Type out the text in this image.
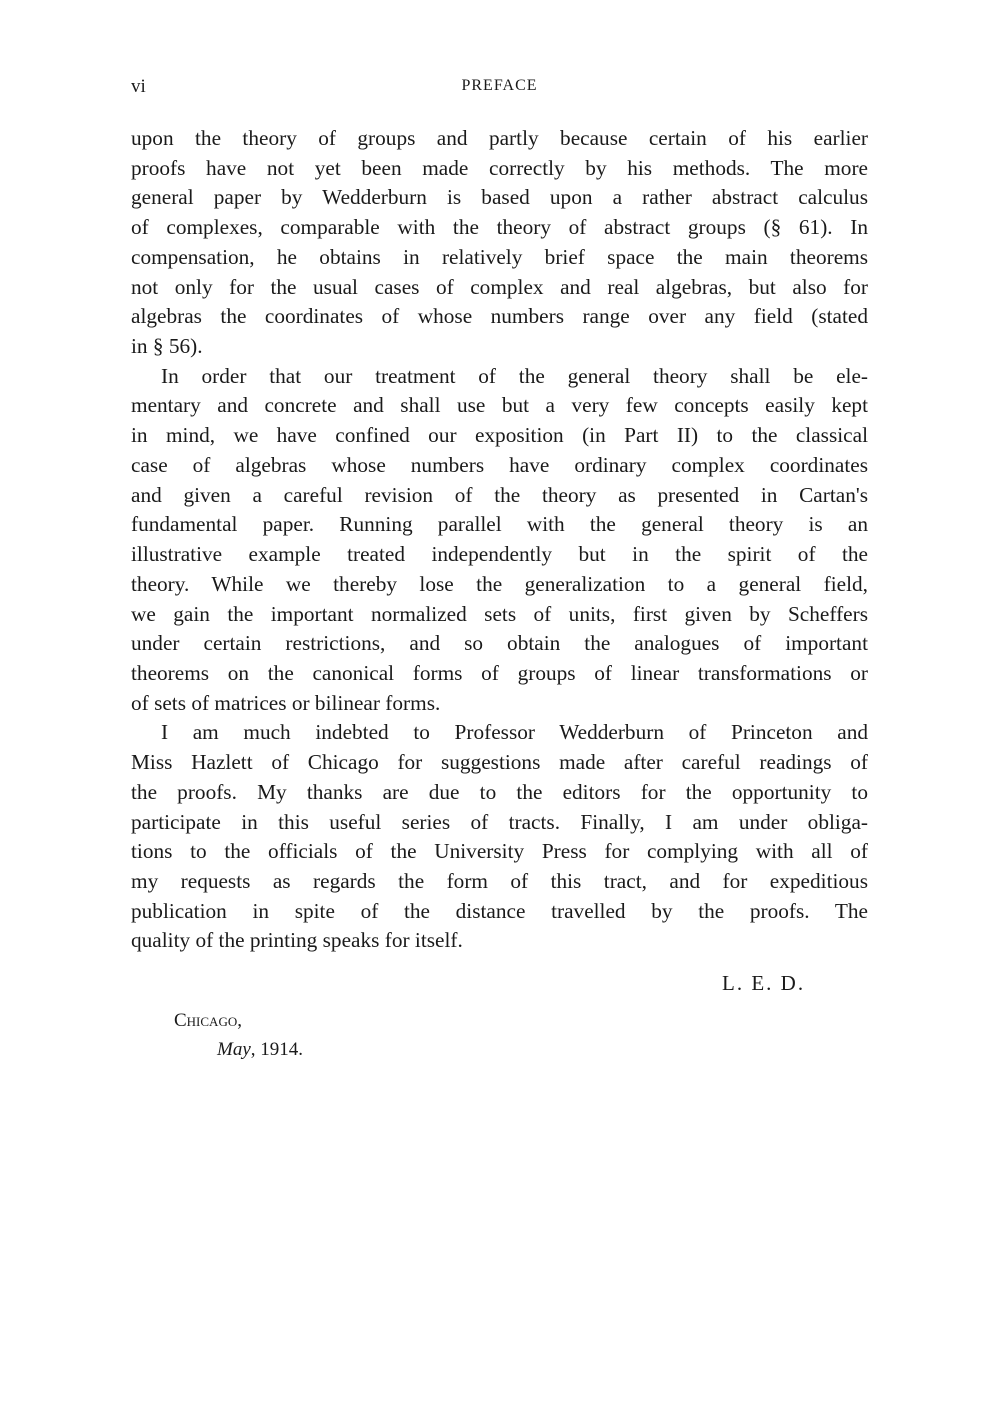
vi	PREFACE
upon the theory of groups and partly because certain of his earlier
proofs have not yet been made correctly by his methods. The more
general paper by Wedderburn is based upon a rather abstract calculus
of complexes, comparable with the theory of abstract groups (§ 61). In
compensation, he obtains in relatively brief space the main theorems
not only for the usual cases of complex and real algebras, but also for
algebras the coordinates of whose numbers range over any field (stated
in § 56).
In order that our treatment of the general theory shall be ele-
mentary and concrete and shall use but a very few concepts easily kept
in mind, we have confined our exposition (in Part II) to the classical
case of algebras whose numbers have ordinary complex coordinates
and given a careful revision of the theory as presented in Cartan's
fundamental paper. Running parallel with the general theory is an
illustrative example treated independently but in the spirit of the
theory. While we thereby lose the generalization to a general field,
we gain the important normalized sets of units, first given by Scheffers
under certain restrictions, and so obtain the analogues of important
theorems on the canonical forms of groups of linear transformations or
of sets of matrices or bilinear forms.
I am much indebted to Professor Wedderburn of Princeton and
Miss Hazlett of Chicago for suggestions made after careful readings of
the proofs. My thanks are due to the editors for the opportunity to
participate in this useful series of tracts. Finally, I am under obliga-
tions to the officials of the University Press for complying with all of
my requests as regards the form of this tract, and for expeditious
publication in spite of the distance travelled by the proofs. The
quality of the printing speaks for itself.
L. E. D.
Chicago,
May, 1914.
